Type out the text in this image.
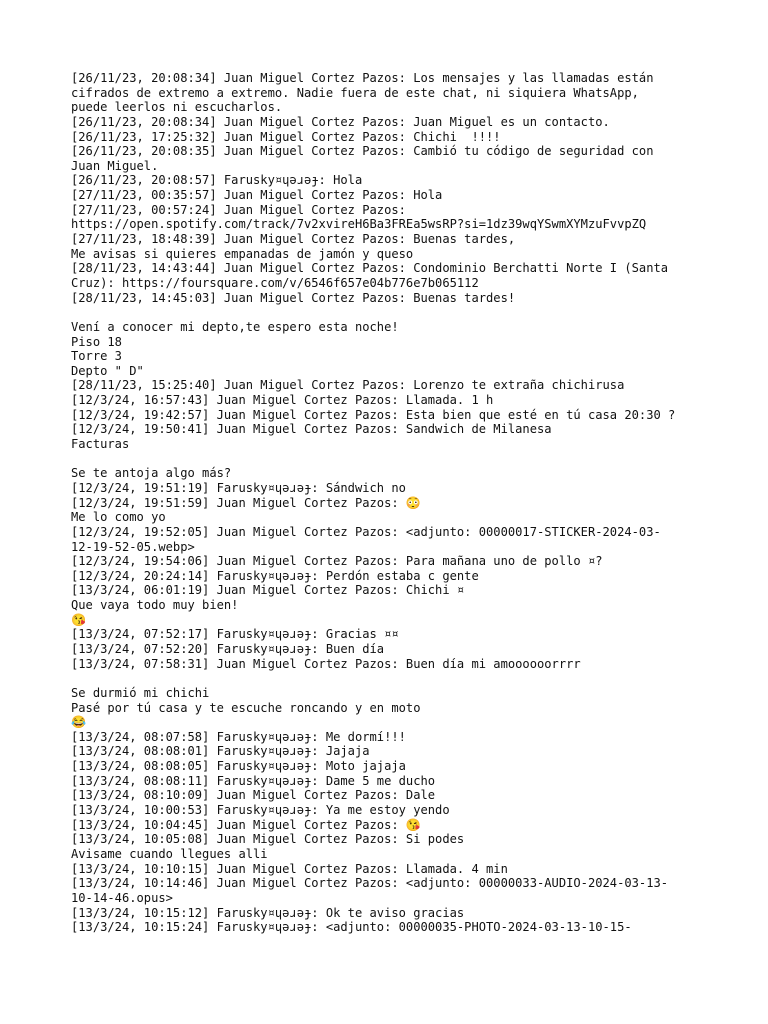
[26/11/23, 20:08:34] Juan Miguel Cortez Pazos: Los mensajes y las llamadas están
cifrados de extremo a extremo. Nadie fuera de este chat, ni siquiera WhatsApp,
puede leerlos ni escucharlos.
[26/11/23, 20:08:34] Juan Miguel Cortez Pazos: Juan Miguel es un contacto.
[26/11/23, 17:25:32] Juan Miguel Cortez Pazos: Chichi  !!!!
[26/11/23, 20:08:35] Juan Miguel Cortez Pazos: Cambió tu código de seguridad con
Juan Miguel.
[26/11/23, 20:08:57] Farusky¤ɥǝɹǝɟ: Hola
[27/11/23, 00:35:57] Juan Miguel Cortez Pazos: Hola
[27/11/23, 00:57:24] Juan Miguel Cortez Pazos:
https://open.spotify.com/track/7v2xvireH6Ba3FREa5wsRP?si=1dz39wqYSwmXYMzuFvvpZQ
[27/11/23, 18:48:39] Juan Miguel Cortez Pazos: Buenas tardes,
Me avisas si quieres empanadas de jamón y queso
[28/11/23, 14:43:44] Juan Miguel Cortez Pazos: Condominio Berchatti Norte I (Santa
Cruz): https://foursquare.com/v/6546f657e04b776e7b065112
[28/11/23, 14:45:03] Juan Miguel Cortez Pazos: Buenas tardes!
Vení a conocer mi depto,te espero esta noche!
Piso 18
Torre 3
Depto " D"
[28/11/23, 15:25:40] Juan Miguel Cortez Pazos: Lorenzo te extraña chichirusa
[12/3/24, 16:57:43] Juan Miguel Cortez Pazos: Llamada. 1 h
[12/3/24, 19:42:57] Juan Miguel Cortez Pazos: Esta bien que esté en tú casa 20:30 ?
[12/3/24, 19:50:41] Juan Miguel Cortez Pazos: Sandwich de Milanesa
Facturas
Se te antoja algo más?
[12/3/24, 19:51:19] Farusky¤ɥǝɹǝɟ: Sándwich no
[12/3/24, 19:51:59] Juan Miguel Cortez Pazos: 😳
Me lo como yo
[12/3/24, 19:52:05] Juan Miguel Cortez Pazos: <adjunto: 00000017-STICKER-2024-03-
12-19-52-05.webp>
[12/3/24, 19:54:06] Juan Miguel Cortez Pazos: Para mañana uno de pollo ¤?
[12/3/24, 20:24:14] Farusky¤ɥǝɹǝɟ: Perdón estaba c gente
[13/3/24, 06:01:19] Juan Miguel Cortez Pazos: Chichi ¤
Que vaya todo muy bien!
😘
[13/3/24, 07:52:17] Farusky¤ɥǝɹǝɟ: Gracias ¤¤
[13/3/24, 07:52:20] Farusky¤ɥǝɹǝɟ: Buen día
[13/3/24, 07:58:31] Juan Miguel Cortez Pazos: Buen día mi amoooooorrrr
Se durmió mi chichi
Pasé por tú casa y te escuche roncando y en moto
😂
[13/3/24, 08:07:58] Farusky¤ɥǝɹǝɟ: Me dormí!!!
[13/3/24, 08:08:01] Farusky¤ɥǝɹǝɟ: Jajaja
[13/3/24, 08:08:05] Farusky¤ɥǝɹǝɟ: Moto jajaja
[13/3/24, 08:08:11] Farusky¤ɥǝɹǝɟ: Dame 5 me ducho
[13/3/24, 08:10:09] Juan Miguel Cortez Pazos: Dale
[13/3/24, 10:00:53] Farusky¤ɥǝɹǝɟ: Ya me estoy yendo
[13/3/24, 10:04:45] Juan Miguel Cortez Pazos: 😘
[13/3/24, 10:05:08] Juan Miguel Cortez Pazos: Si podes
Avisame cuando llegues alli
[13/3/24, 10:10:15] Juan Miguel Cortez Pazos: Llamada. 4 min
[13/3/24, 10:14:46] Juan Miguel Cortez Pazos: <adjunto: 00000033-AUDIO-2024-03-13-
10-14-46.opus>
[13/3/24, 10:15:12] Farusky¤ɥǝɹǝɟ: Ok te aviso gracias
[13/3/24, 10:15:24] Farusky¤ɥǝɹǝɟ: <adjunto: 00000035-PHOTO-2024-03-13-10-15-
